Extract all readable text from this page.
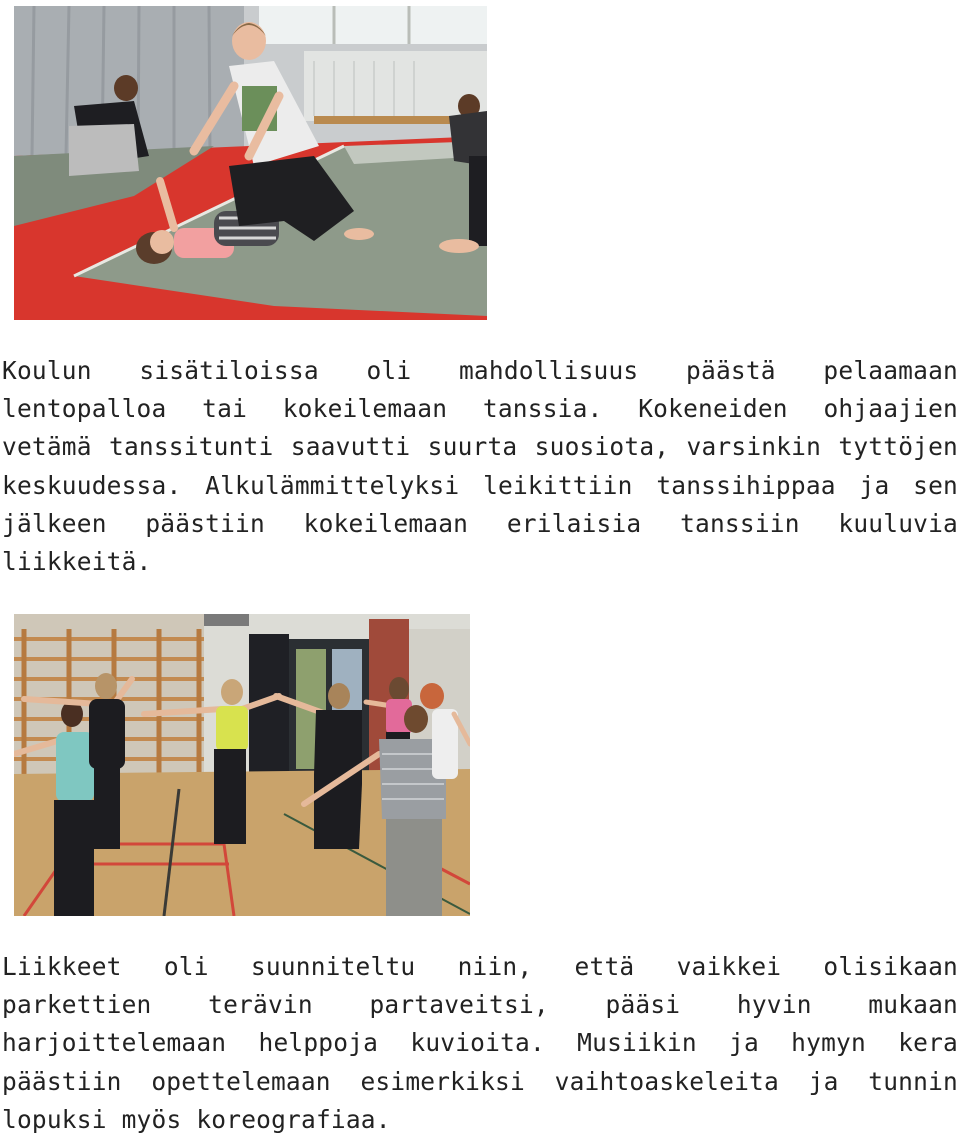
Koulun sisätiloissa oli mahdollisuus päästä pelaamaan lentopalloa tai kokeilemaan tanssia. Kokeneiden ohjaajien vetämä tanssitunti saavutti suurta suosiota, varsinkin tyttöjen keskuudessa. Alkulämmittelyksi leikittiin tanssihippaa ja sen jälkeen päästiin kokeilemaan erilaisia tanssiin kuuluvia liikkeitä.

Liikkeet oli suunniteltu niin, että vaikkei olisikaan parkettien terävin partaveitsi, pääsi hyvin mukaan harjoittelemaan helppoja kuvioita. Musiikin ja hymyn kera päästiin opettelemaan esimerkiksi vaihtoaskeleita ja tunnin lopuksi myös koreografiaa.
